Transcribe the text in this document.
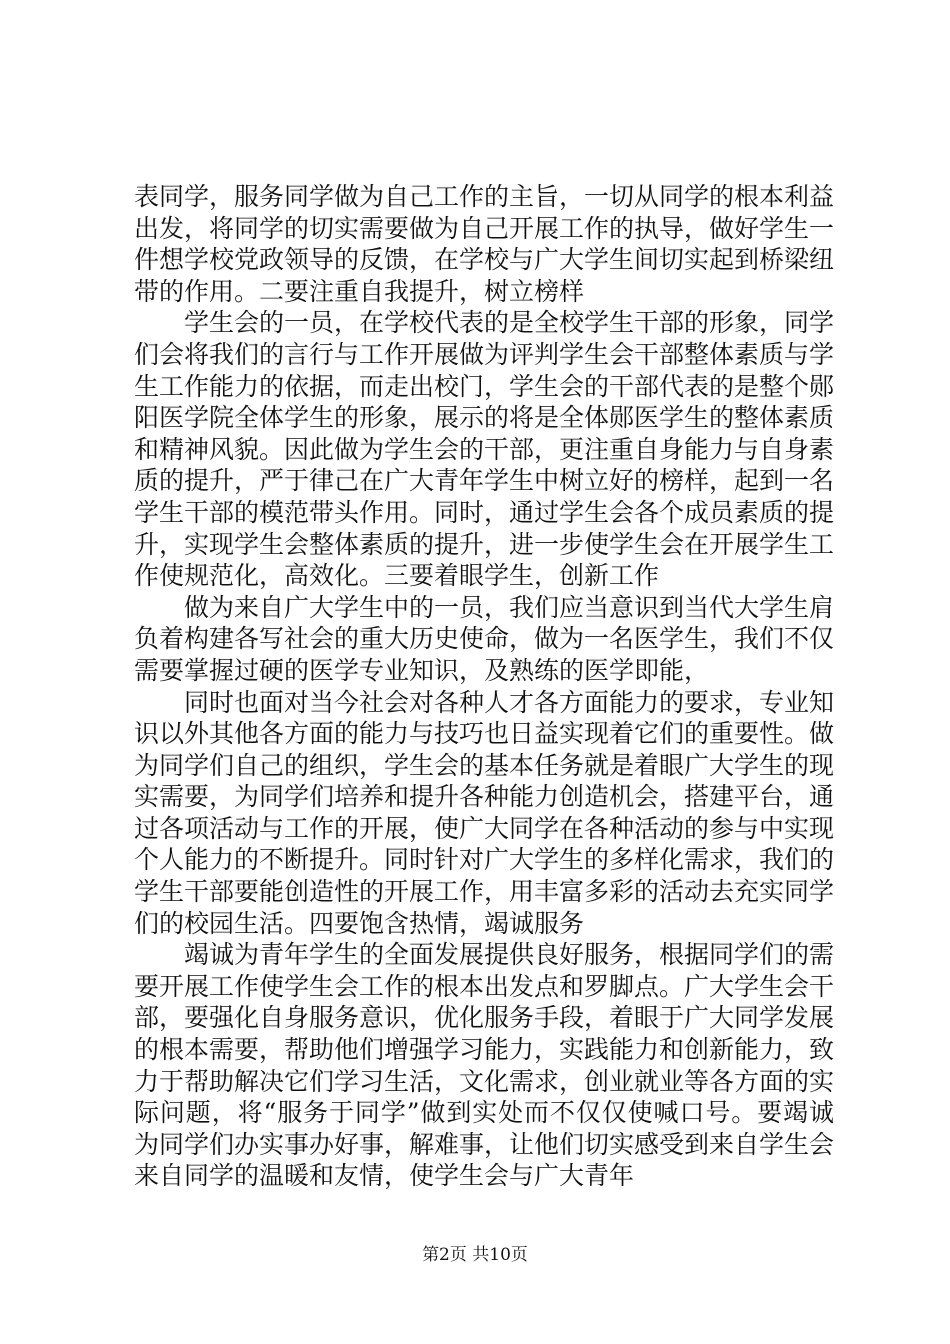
表同学，服务同学做为自己工作的主旨，一切从同学的根本利益出发，将同学的切实需要做为自己开展工作的执导，做好学生一件想学校党政领导的反馈，在学校与广大学生间切实起到桥梁纽带的作用。二要注重自我提升，树立榜样

学生会的一员，在学校代表的是全校学生干部的形象，同学们会将我们的言行与工作开展做为评判学生会干部整体素质与学生工作能力的依据，而走出校门，学生会的干部代表的是整个郧阳医学院全体学生的形象，展示的将是全体郧医学生的整体素质和精神风貌。因此做为学生会的干部，更注重自身能力与自身素质的提升，严于律己在广大青年学生中树立好的榜样，起到一名学生干部的模范带头作用。同时，通过学生会各个成员素质的提升，实现学生会整体素质的提升，进一步使学生会在开展学生工作使规范化，高效化。三要着眼学生，创新工作

做为来自广大学生中的一员，我们应当意识到当代大学生肩负着构建各写社会的重大历史使命，做为一名医学生，我们不仅需要掌握过硬的医学专业知识，及熟练的医学即能，

同时也面对当今社会对各种人才各方面能力的要求，专业知识以外其他各方面的能力与技巧也日益实现着它们的重要性。做为同学们自己的组织，学生会的基本任务就是着眼广大学生的现实需要，为同学们培养和提升各种能力创造机会，搭建平台，通过各项活动与工作的开展，使广大同学在各种活动的参与中实现个人能力的不断提升。同时针对广大学生的多样化需求，我们的学生干部要能创造性的开展工作，用丰富多彩的活动去充实同学们的校园生活。四要饱含热情，竭诚服务

竭诚为青年学生的全面发展提供良好服务，根据同学们的需要开展工作使学生会工作的根本出发点和罗脚点。广大学生会干部，要强化自身服务意识，优化服务手段，着眼于广大同学发展的根本需要，帮助他们增强学习能力，实践能力和创新能力，致力于帮助解决它们学习生活，文化需求，创业就业等各方面的实际问题，将“服务于同学”做到实处而不仅仅使喊口号。要竭诚为同学们办实事办好事，解难事，让他们切实感受到来自学生会来自同学的温暖和友情，使学生会与广大青年

第2页 共10页
